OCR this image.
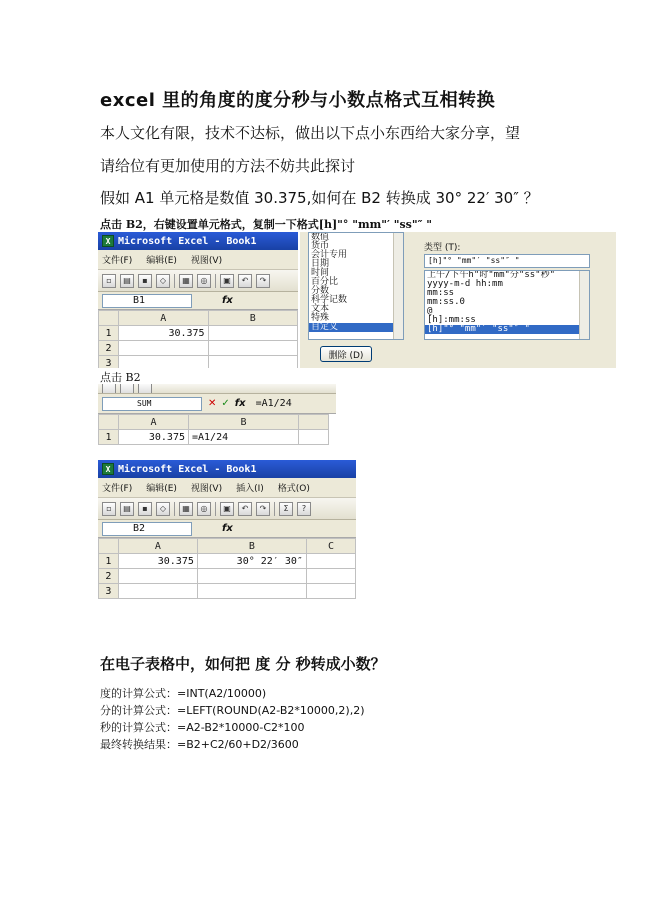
excel 里的角度的度分秒与小数点格式互相转换
本人文化有限，技术不达标，做出以下点小东西给大家分享，望
请给位有更加使用的方法不妨共此探讨
假如 A1 单元格是数值 30.375,如何在 B2 转换成 30° 22′ 30″ ？
点击 B2，右键设置单元格式，复制一下格式[h]"° "mm"′ "ss"″ "
X Microsoft Excel - Book1
文件(F) 编辑(E) 视图(V)
▫	▤	▪	◇	▦	◎	▣	↶	↷
B1	fx
	A	B
1	30.375	
2		
3		
数值
货币
会计专用
日期
时间
百分比
分数
科学记数
文本
特殊
自定义
类型 (T):
[h]"° "mm"′ "ss"″ "
上午/下午h"时"mm"分"ss"秒"
yyyy-m-d hh:mm
mm:ss
mm:ss.0
@
[h]:mm:ss
[h]"° "mm"′ "ss"″ "
删除 (D)
点击 B2
SUM	✕ ✓ fx =A1/24
	A	B	
1	30.375	=A1/24	
X Microsoft Excel - Book1
文件(F) 编辑(E) 视图(V) 插入(I) 格式(O)
▫	▤	▪	◇	▦	◎	▣	↶	↷	Σ	?
B2	fx
	A	B	C
1	30.375	30° 22′ 30″	
2			
3			
在电子表格中，如何把 度 分 秒转成小数？
度的计算公式：=INT(A2/10000)
分的计算公式：=LEFT(ROUND(A2-B2*10000,2),2)
秒的计算公式：=A2-B2*10000-C2*100
最终转换结果：=B2+C2/60+D2/3600
